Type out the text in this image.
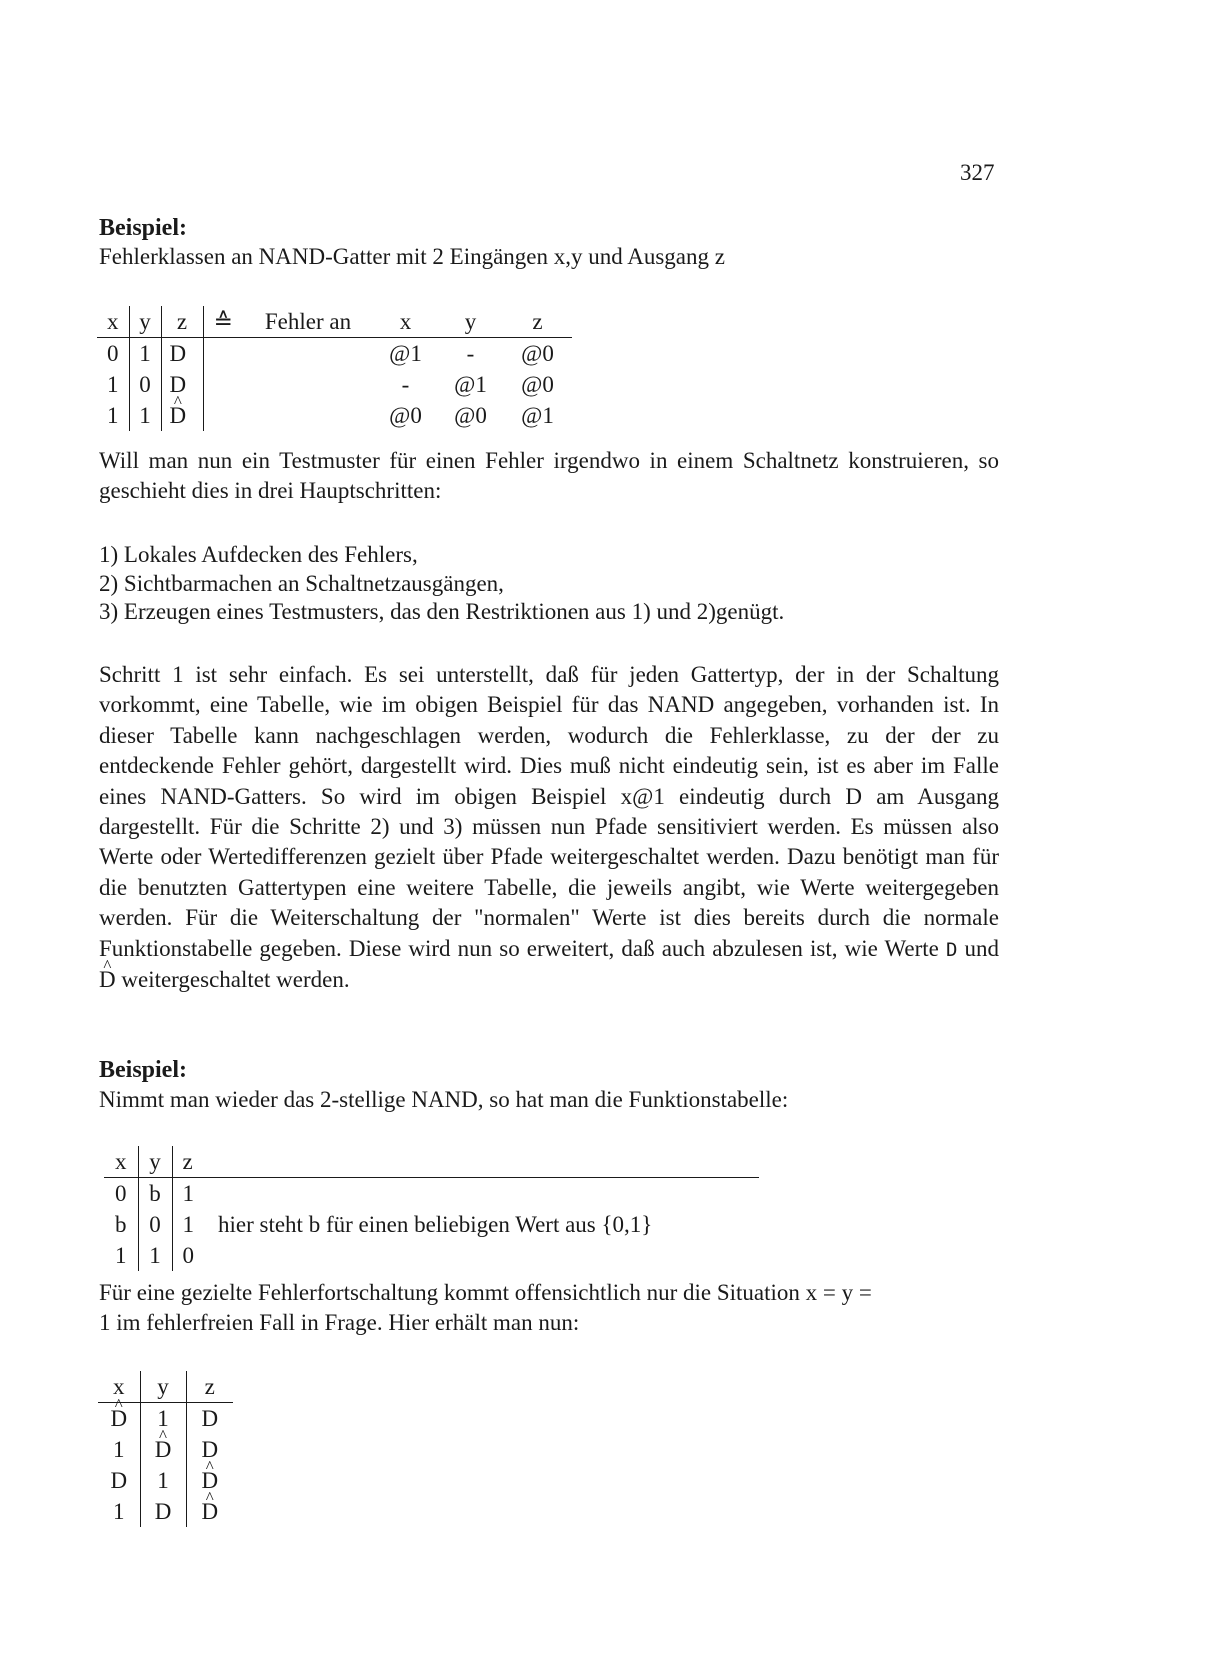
327
Beispiel:
Fehlerklassen an NAND-Gatter mit 2 Eingängen x,y und Ausgang z
x	y	z	≙	Fehler an	x	y	z
0	1	D			@1	-	@0
1	0	D			-	@1	@0
1	1	^ D			@0	@0	@1
Will man nun ein Testmuster für einen Fehler irgendwo in einem Schaltnetz konstruieren, so geschieht dies in drei Hauptschritten:
1) Lokales Aufdecken des Fehlers,
2) Sichtbarmachen an Schaltnetzausgängen,
3) Erzeugen eines Testmusters, das den Restriktionen aus 1) und 2)genügt.
Schritt 1 ist sehr einfach. Es sei unterstellt, daß für jeden Gattertyp, der in der Schaltung vorkommt, eine Tabelle, wie im obigen Beispiel für das NAND angegeben, vorhanden ist. In dieser Tabelle kann nachgeschlagen werden, wodurch die Fehlerklasse, zu der der zu entdeckende Fehler gehört, dargestellt wird. Dies muß nicht eindeutig sein, ist es aber im Falle eines NAND-Gatters. So wird im obigen Beispiel x@1 eindeutig durch D am Ausgang dargestellt. Für die Schritte 2) und 3) müssen nun Pfade sensitiviert werden. Es müssen also Werte oder Wertedifferenzen gezielt über Pfade weitergeschaltet werden. Dazu benötigt man für die benutzten Gattertypen eine weitere Tabelle, die jeweils angibt, wie Werte weitergegeben werden. Für die Weiterschaltung der "normalen" Werte ist dies bereits durch die normale Funktionstabelle gegeben. Diese wird nun so erweitert, daß auch abzulesen ist, wie Werte D und ^ D weitergeschaltet werden.
Beispiel:
Nimmt man wieder das 2-stellige NAND, so hat man die Funktionstabelle:
x	y	z
0	b	1
b	0	1 hier steht b für einen beliebigen Wert aus {0,1}
1	1	0
Für eine gezielte Fehlerfortschaltung kommt offensichtlich nur die Situation x = y =
1 im fehlerfreien Fall in Frage. Hier erhält man nun:
x	y	z
^ D	1	D
1	^ D	D
D	1	^ D
1	D	^ D
